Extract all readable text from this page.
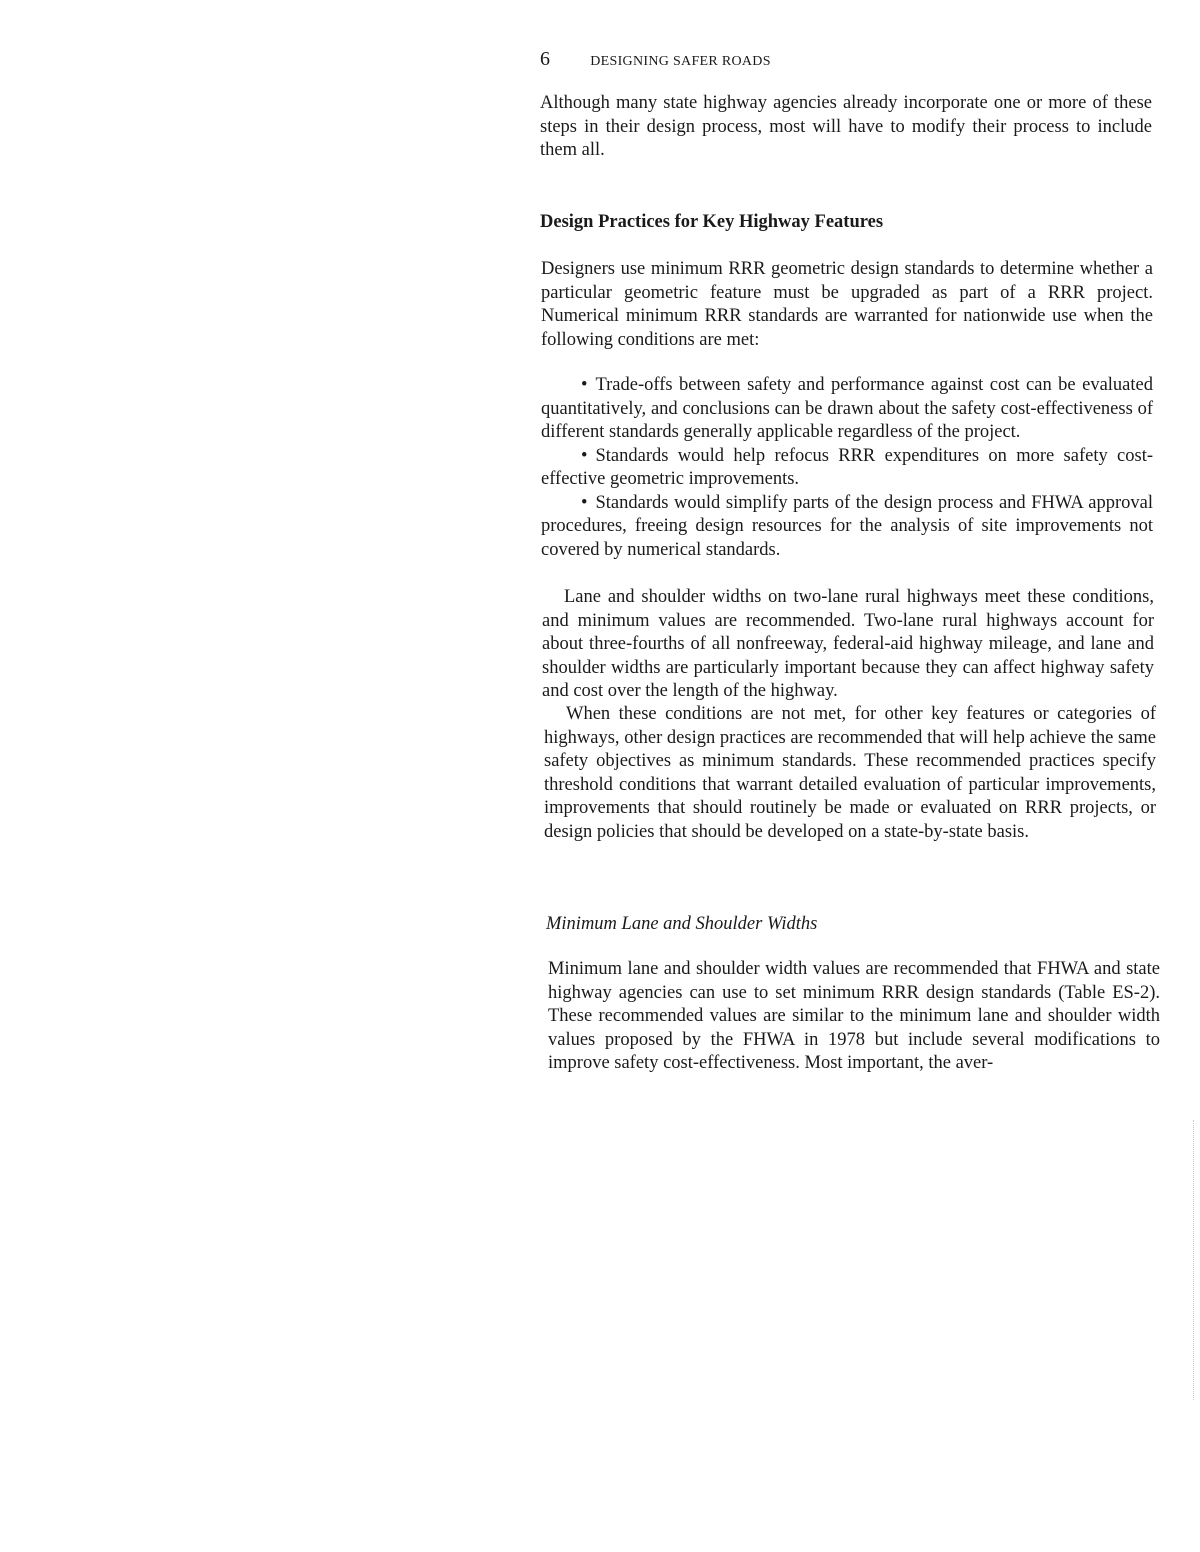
6	DESIGNING SAFER ROADS

Although many state highway agencies already incorporate one or more of these steps in their design process, most will have to modify their process to include them all.

Design Practices for Key Highway Features

Designers use minimum RRR geometric design standards to determine whether a particular geometric feature must be upgraded as part of a RRR project. Numerical minimum RRR standards are warranted for nationwide use when the following conditions are met:

• Trade-offs between safety and performance against cost can be evaluated quantitatively, and conclusions can be drawn about the safety cost-effectiveness of different standards generally applicable regardless of the project.
• Standards would help refocus RRR expenditures on more safety cost-effective geometric improvements.
• Standards would simplify parts of the design process and FHWA approval procedures, freeing design resources for the analysis of site improvements not covered by numerical standards.

Lane and shoulder widths on two-lane rural highways meet these conditions, and minimum values are recommended. Two-lane rural highways account for about three-fourths of all nonfreeway, federal-aid highway mileage, and lane and shoulder widths are particularly important because they can affect highway safety and cost over the length of the highway.

When these conditions are not met, for other key features or categories of highways, other design practices are recommended that will help achieve the same safety objectives as minimum standards. These recommended practices specify threshold conditions that warrant detailed evaluation of particular improvements, improvements that should routinely be made or evaluated on RRR projects, or design policies that should be developed on a state-by-state basis.

Minimum Lane and Shoulder Widths

Minimum lane and shoulder width values are recommended that FHWA and state highway agencies can use to set minimum RRR design standards (Table ES-2). These recommended values are similar to the minimum lane and shoulder width values proposed by the FHWA in 1978 but include several modifications to improve safety cost-effectiveness. Most important, the aver-
